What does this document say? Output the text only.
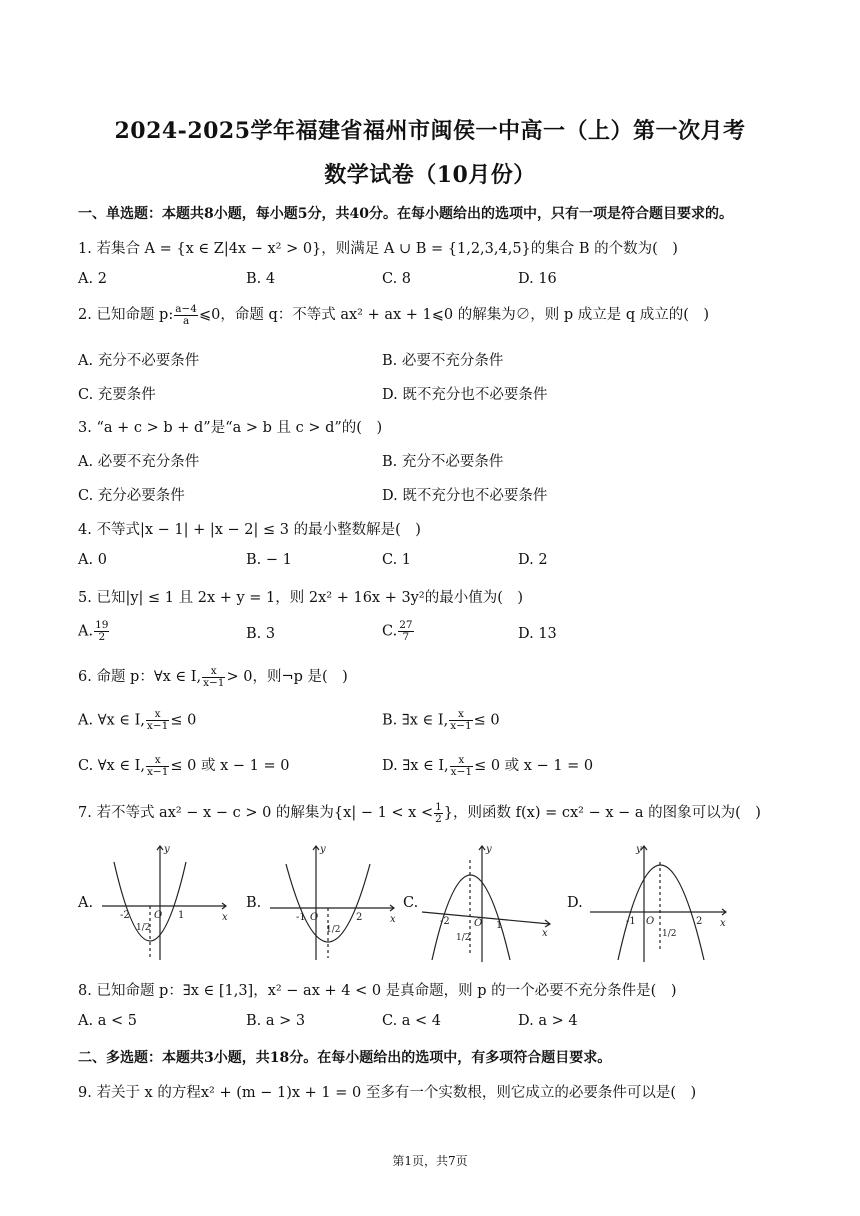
2024-2025学年福建省福州市闽侯一中高一（上）第一次月考
数学试卷（10月份）
一、单选题：本题共8小题，每小题5分，共40分。在每小题给出的选项中，只有一项是符合题目要求的。
1. 若集合 A = {x ∈ Z|4x − x² > 0}，则满足 A ∪ B = {1,2,3,4,5}的集合 B 的个数为(　)
A. 2	B. 4	C. 8	D. 16
2. 已知命题 p: $\frac{a-4}{a}$ ⩽0，命题 q：不等式 ax² + ax + 1⩽0 的解集为∅，则 p 成立是 q 成立的(　)
A. 充分不必要条件	B. 必要不充分条件
C. 充要条件	D. 既不充分也不必要条件
3. “a + c > b + d”是“a > b 且 c > d”的(　)
A. 必要不充分条件	B. 充分不必要条件
C. 充分必要条件	D. 既不充分也不必要条件
4. 不等式|x − 1| + |x − 2| ≤ 3 的最小整数解是(　)
A. 0	B. − 1	C. 1	D. 2
5. 已知|y| ≤ 1 且 2x + y = 1，则 2x² + 16x + 3y²的最小值为(　)
A. $\frac{19}{2}$	B. 3	C. $\frac{27}{7}$	D. 13
6. 命题 p：∀x ∈ I, $\frac{x}{x-1} > 0$，则¬p 是(　)
A. ∀x ∈ I, $\frac{x}{x-1} \le 0$	B. ∃x ∈ I, $\frac{x}{x-1} \le 0$
C. ∀x ∈ I, $\frac{x}{x-1} \le 0$ 或 x − 1 = 0	D. ∃x ∈ I, $\frac{x}{x-1} \le 0$ 或 x − 1 = 0
7. 若不等式 ax² − x − c > 0 的解集为{$x| - 1 < x < \frac{1}{2}$ }，则函数 f(x) = cx² − x − a 的图象可以为(　)
A.	B.	C.	D.
y
x
O
-2	1
1/2
y
x
O
-1	2
1/2
y
x
O
-2	1
1/2
y
x
O
-1	2
1/2
8. 已知命题 p：∃x ∈ [1,3]，x² − ax + 4 < 0 是真命题，则 p 的一个必要不充分条件是(　)
A. a < 5	B. a > 3	C. a < 4	D. a > 4
二、多选题：本题共3小题，共18分。在每小题给出的选项中，有多项符合题目要求。
9. 若关于 x 的方程x² + (m − 1)x + 1 = 0 至多有一个实数根，则它成立的必要条件可以是(　)
第1页，共7页
